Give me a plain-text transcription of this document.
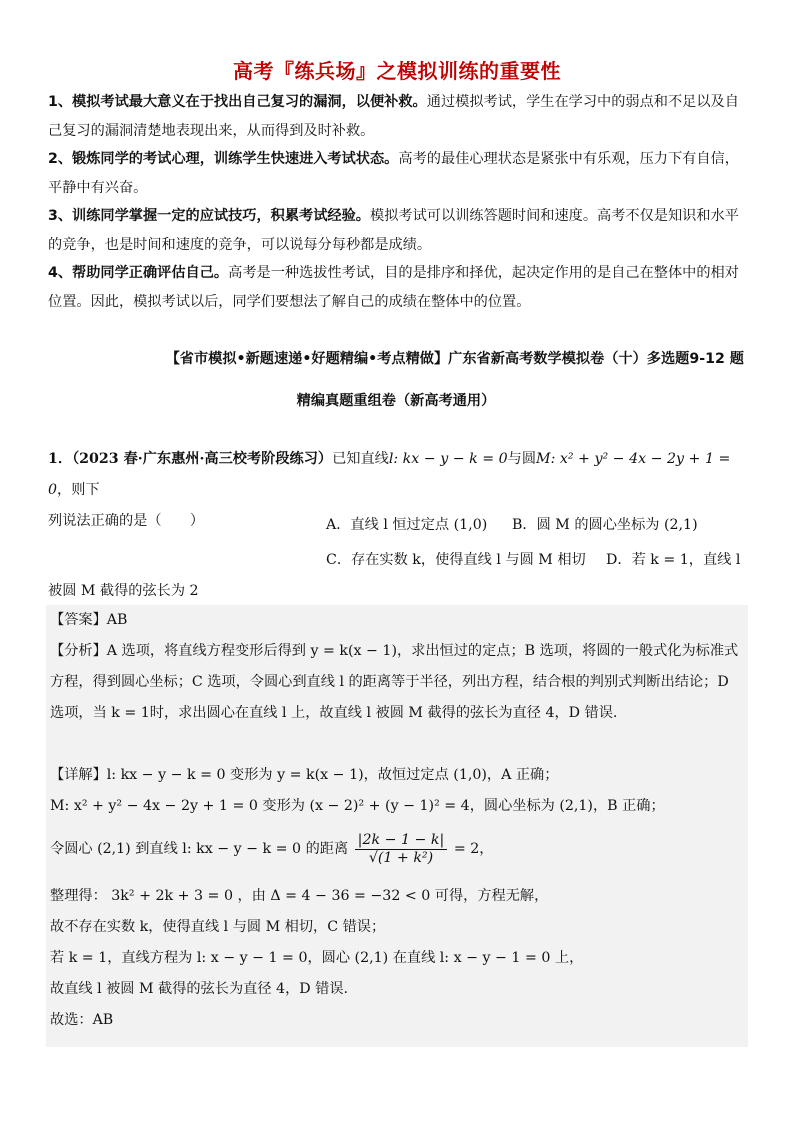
高考『练兵场』之模拟训练的重要性
1、模拟考试最大意义在于找出自己复习的漏洞，以便补救。通过模拟考试，学生在学习中的弱点和不足以及自己复习的漏洞清楚地表现出来，从而得到及时补救。
2、锻炼同学的考试心理，训练学生快速进入考试状态。高考的最佳心理状态是紧张中有乐观，压力下有自信，平静中有兴奋。
3、训练同学掌握一定的应试技巧，积累考试经验。模拟考试可以训练答题时间和速度。高考不仅是知识和水平的竞争，也是时间和速度的竞争，可以说每分每秒都是成绩。
4、帮助同学正确评估自己。高考是一种选拔性考试，目的是排序和择优，起决定作用的是自己在整体中的相对位置。因此，模拟考试以后，同学们要想法了解自己的成绩在整体中的位置。
【省市模拟•新题速递•好题精编•考点精做】广东省新高考数学模拟卷（十）多选题9-12 题
精编真题重组卷（新高考通用）
1．（2023 春·广东惠州·高三校考阶段练习）已知直线l: kx − y − k = 0与圆M: x² + y² − 4x − 2y + 1 = 0，则下
列说法正确的是（　　）	A．直线 l 恒过定点 (1,0) B．圆 M 的圆心坐标为 (2,1)
C．存在实数 k，使得直线 l 与圆 M 相切 D．若 k = 1，直线 l
被圆 M 截得的弦长为 2
【答案】AB
【分析】A 选项，将直线方程变形后得到 y = k(x − 1)，求出恒过的定点；B 选项，将圆的一般式化为标准式方程，得到圆心坐标；C 选项，令圆心到直线 l 的距离等于半径，列出方程，结合根的判别式判断出结论；D 选项，当 k = 1时，求出圆心在直线 l 上，故直线 l 被圆 M 截得的弦长为直径 4，D 错误.
【详解】l: kx − y − k = 0 变形为 y = k(x − 1)，故恒过定点 (1,0)，A 正确；
M: x² + y² − 4x − 2y + 1 = 0 变形为 (x − 2)² + (y − 1)² = 4，圆心坐标为 (2,1)，B 正确；
令圆心 (2,1) 到直线 l: kx − y − k = 0 的距离 $\frac{|2k - 1 - k|}{\text{√(1 + k²)}} = 2$，
整理得： 3k² + 2k + 3 = 0 ，由 Δ = 4 − 36 = −32 < 0 可得，方程无解，
故不存在实数 k，使得直线 l 与圆 M 相切，C 错误；
若 k = 1，直线方程为 l: x − y − 1 = 0，圆心 (2,1) 在直线 l: x − y − 1 = 0 上，
故直线 l 被圆 M 截得的弦长为直径 4，D 错误.
故选：AB
